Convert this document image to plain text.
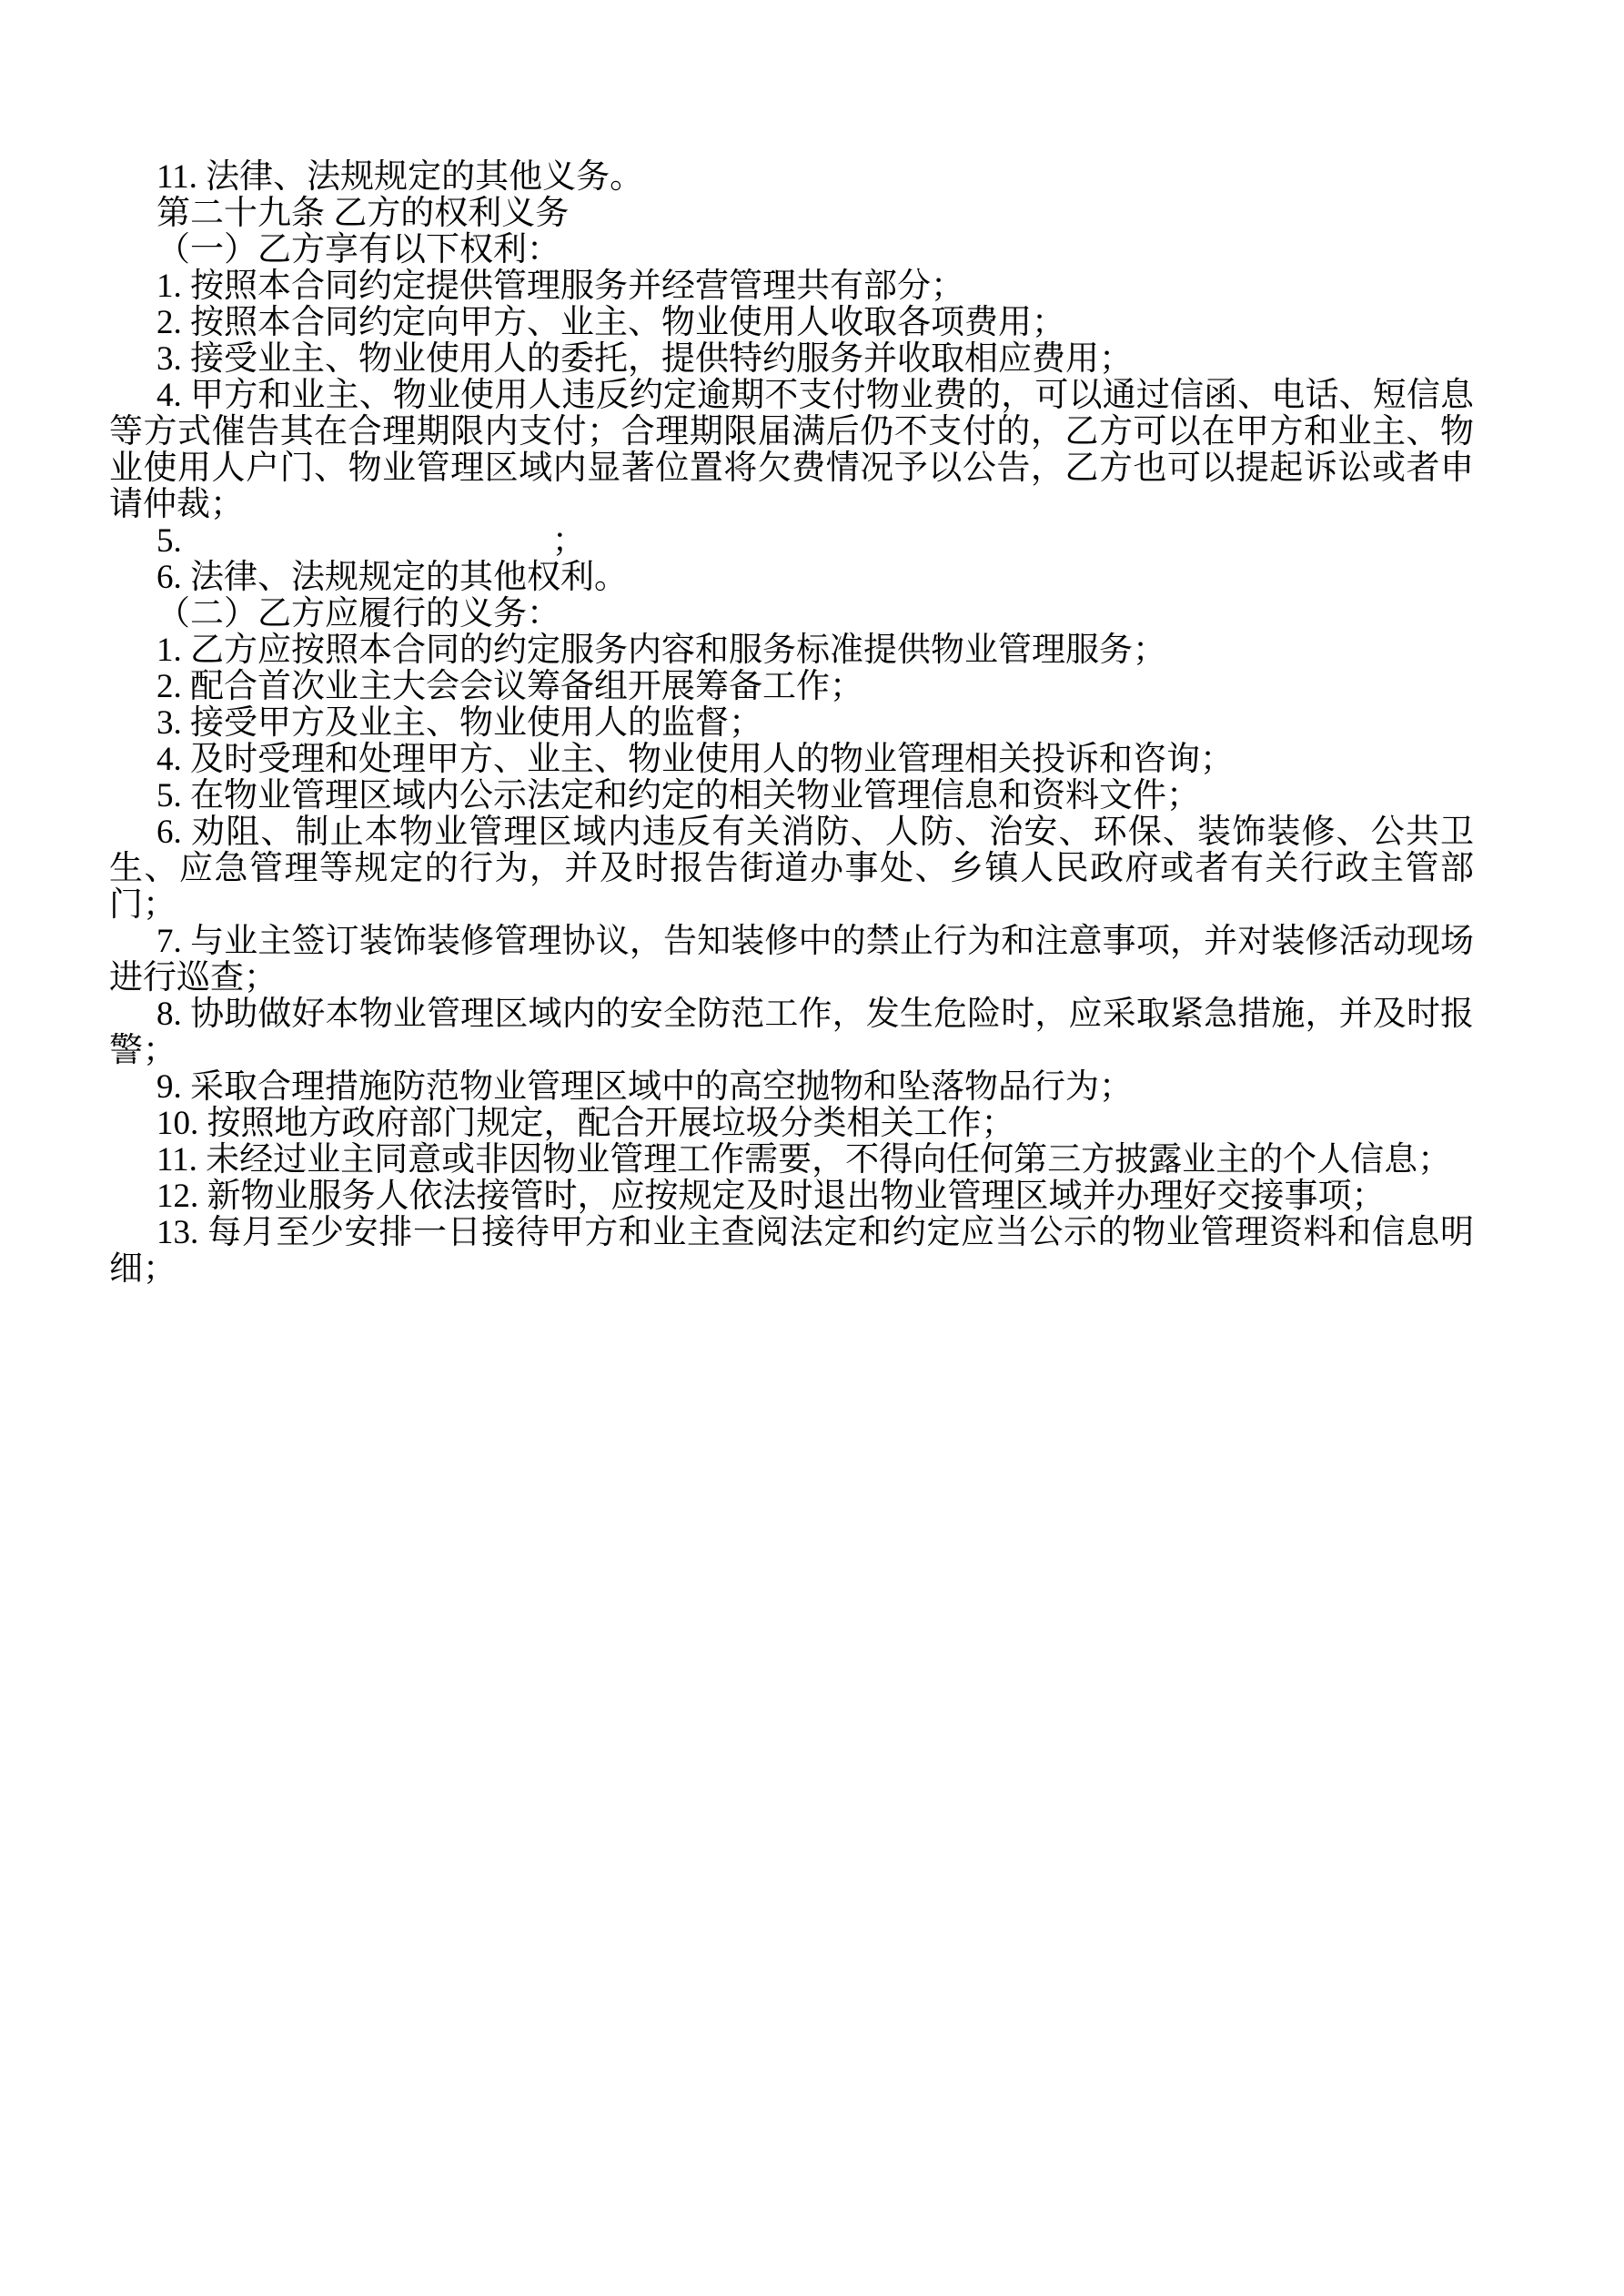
11. 法律、法规规定的其他义务。

第二十九条 乙方的权利义务

（一）乙方享有以下权利：

1. 按照本合同约定提供管理服务并经营管理共有部分；

2. 按照本合同约定向甲方、业主、物业使用人收取各项费用；

3. 接受业主、物业使用人的委托，提供特约服务并收取相应费用；

4. 甲方和业主、物业使用人违反约定逾期不支付物业费的，可以通过信函、电话、短信息等方式催告其在合理期限内支付；合理期限届满后仍不支付的，乙方可以在甲方和业主、物业使用人户门、物业管理区域内显著位置将欠费情况予以公告，乙方也可以提起诉讼或者申请仲裁；

5.　　　　　　　　　　　；

6. 法律、法规规定的其他权利。

（二）乙方应履行的义务：

1. 乙方应按照本合同的约定服务内容和服务标准提供物业管理服务；

2. 配合首次业主大会会议筹备组开展筹备工作；

3. 接受甲方及业主、物业使用人的监督；

4. 及时受理和处理甲方、业主、物业使用人的物业管理相关投诉和咨询；

5. 在物业管理区域内公示法定和约定的相关物业管理信息和资料文件；

6. 劝阻、制止本物业管理区域内违反有关消防、人防、治安、环保、装饰装修、公共卫生、应急管理等规定的行为，并及时报告街道办事处、乡镇人民政府或者有关行政主管部门；

7. 与业主签订装饰装修管理协议，告知装修中的禁止行为和注意事项，并对装修活动现场进行巡查；

8. 协助做好本物业管理区域内的安全防范工作，发生危险时，应采取紧急措施，并及时报警；

9. 采取合理措施防范物业管理区域中的高空抛物和坠落物品行为；

10. 按照地方政府部门规定，配合开展垃圾分类相关工作；

11. 未经过业主同意或非因物业管理工作需要，不得向任何第三方披露业主的个人信息；

12. 新物业服务人依法接管时，应按规定及时退出物业管理区域并办理好交接事项；

13. 每月至少安排一日接待甲方和业主查阅法定和约定应当公示的物业管理资料和信息明细；
